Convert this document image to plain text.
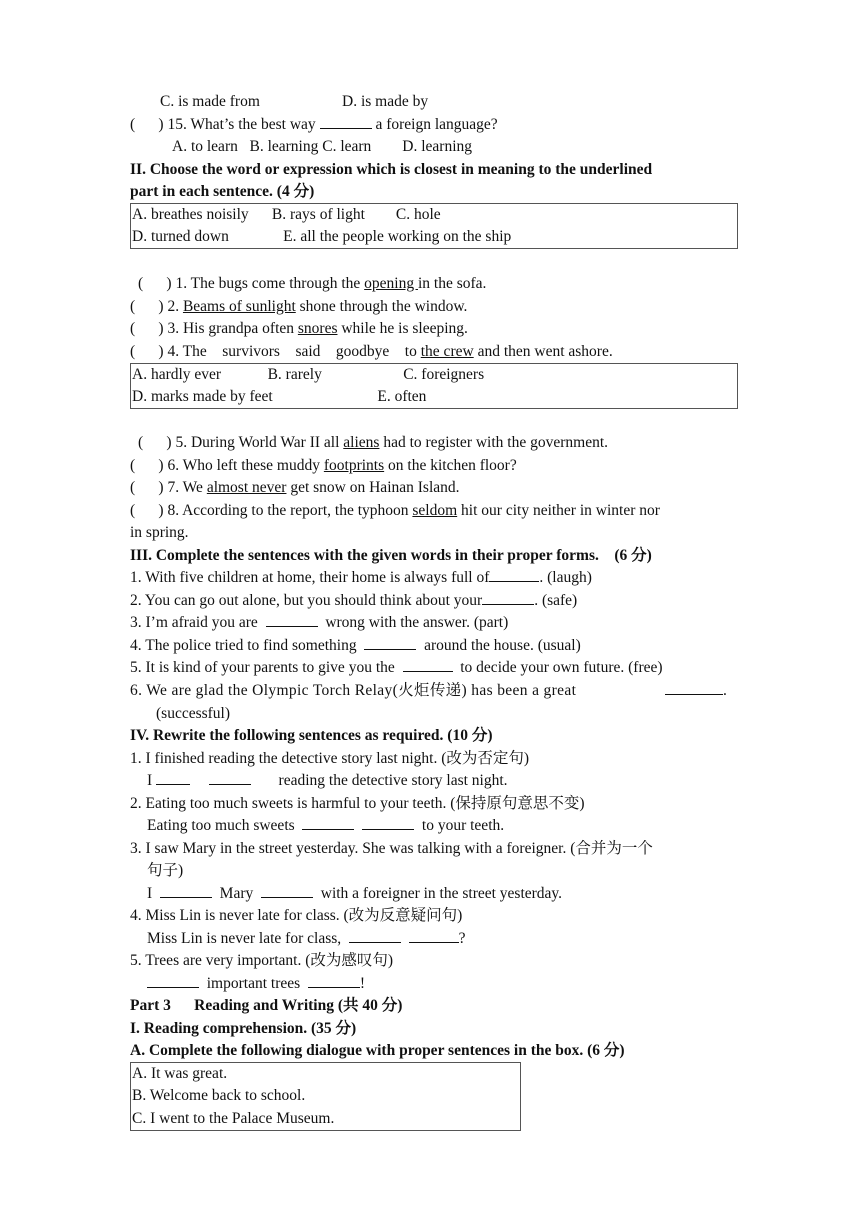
C. is made from	D. is made by
(      ) 15. What’s the best way	a foreign language?
A. to learn   B. learning C. learn        D. learning
II. Choose the word or expression which is closest in meaning to the underlined
part in each sentence. (4 分)
A. breathes noisily      B. rays of light        C. hole
D. turned down              E. all the people working on the ship
(      ) 1. The bugs come through the opening in the sofa.
(      ) 2. Beams of sunlight shone through the window.
(      ) 3. His grandpa often snores while he is sleeping.
(      ) 4. The    survivors    said    goodbye    to the crew and then went ashore.
A. hardly ever            B. rarely                     C. foreigners
D. marks made by feet                           E. often
(      ) 5. During World War II all aliens had to register with the government.
(      ) 6. Who left these muddy footprints on the kitchen floor?
(      ) 7. We almost never get snow on Hainan Island.
(      ) 8. According to the report, the typhoon seldom hit our city neither in winter nor
in spring.
III. Complete the sentences with the given words in their proper forms.    (6 分)
1. With five children at home, their home is always full of	. (laugh)
2. You can go out alone, but you should think about your	. (safe)
3. I’m afraid you are	wrong with the answer. (part)
4. The police tried to find something	around the house. (usual)
5. It is kind of your parents to give you the	to decide your own future. (free)
6. We are glad the Olympic Torch Relay(火炬传递) has been a great	.
(successful)
IV. Rewrite the following sentences as required. (10 分)
1. I finished reading the detective story last night. (改为否定句)
I	reading the detective story last night.
2. Eating too much sweets is harmful to your teeth. (保持原句意思不变)
Eating too much sweets	to your teeth.
3. I saw Mary in the street yesterday. She was talking with a foreigner. (合并为一个
句子)
I	Mary	with a foreigner in the street yesterday.
4. Miss Lin is never late for class. (改为反意疑问句)
Miss Lin is never late for class,	?
5. Trees are very important. (改为感叹句)
important trees	!
Part 3      Reading and Writing (共 40 分)
I. Reading comprehension. (35 分)
A. Complete the following dialogue with proper sentences in the box. (6 分)
A. It was great.
B. Welcome back to school.
C. I went to the Palace Museum.
